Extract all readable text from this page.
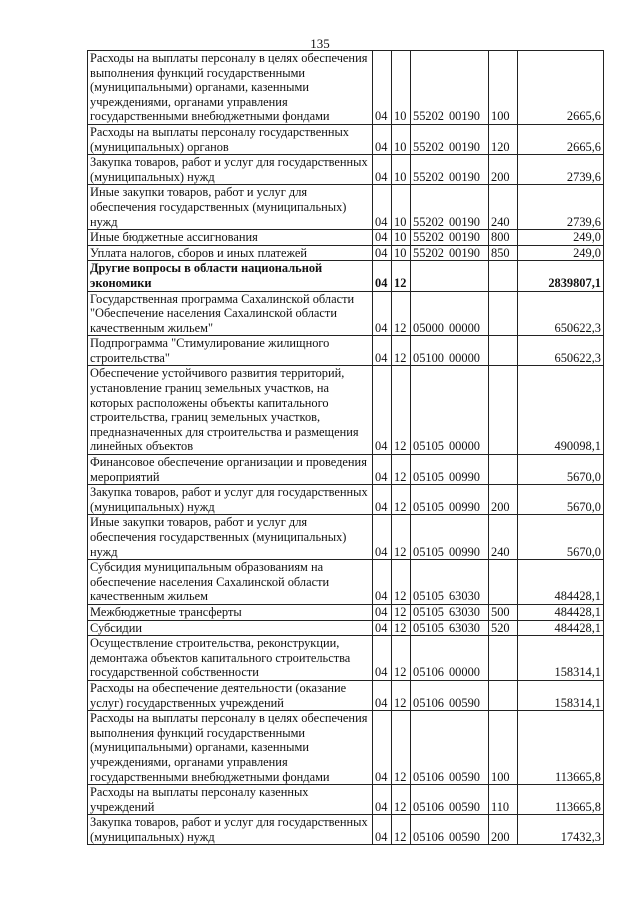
135
Расходы на выплаты персоналу в целях обеспечения выполнения функций государственными (муниципальными) органами, казенными учреждениями, органами управления государственными внебюджетными фондами	04	10	55202 00190	100	2665,6
Расходы на выплаты персоналу государственных (муниципальных) органов	04	10	55202 00190	120	2665,6
Закупка товаров, работ и услуг для государственных (муниципальных) нужд	04	10	55202 00190	200	2739,6
Иные закупки товаров, работ и услуг для обеспечения государственных (муниципальных) нужд	04	10	55202 00190	240	2739,6
Иные бюджетные ассигнования	04	10	55202 00190	800	249,0
Уплата налогов, сборов и иных платежей	04	10	55202 00190	850	249,0
Другие вопросы в области национальной экономики	04	12			2839807,1
Государственная программа Сахалинской области "Обеспечение населения Сахалинской области качественным жильем"	04	12	05000 00000		650622,3
Подпрограмма "Стимулирование жилищного строительства"	04	12	05100 00000		650622,3
Обеспечение устойчивого развития территорий, установление границ земельных участков, на которых расположены объекты капитального строительства, границ земельных участков, предназначенных для строительства и размещения линейных объектов	04	12	05105 00000		490098,1
Финансовое обеспечение организации и проведения мероприятий	04	12	05105 00990		5670,0
Закупка товаров, работ и услуг для государственных (муниципальных) нужд	04	12	05105 00990	200	5670,0
Иные закупки товаров, работ и услуг для обеспечения государственных (муниципальных) нужд	04	12	05105 00990	240	5670,0
Субсидия муниципальным образованиям на обеспечение населения Сахалинской области качественным жильем	04	12	05105 63030		484428,1
Межбюджетные трансферты	04	12	05105 63030	500	484428,1
Субсидии	04	12	05105 63030	520	484428,1
Осуществление строительства, реконструкции, демонтажа объектов капитального строительства государственной собственности	04	12	05106 00000		158314,1
Расходы на обеспечение деятельности (оказание услуг) государственных учреждений	04	12	05106 00590		158314,1
Расходы на выплаты персоналу в целях обеспечения выполнения функций государственными (муниципальными) органами, казенными учреждениями, органами управления государственными внебюджетными фондами	04	12	05106 00590	100	113665,8
Расходы на выплаты персоналу казенных учреждений	04	12	05106 00590	110	113665,8
Закупка товаров, работ и услуг для государственных (муниципальных) нужд	04	12	05106 00590	200	17432,3
